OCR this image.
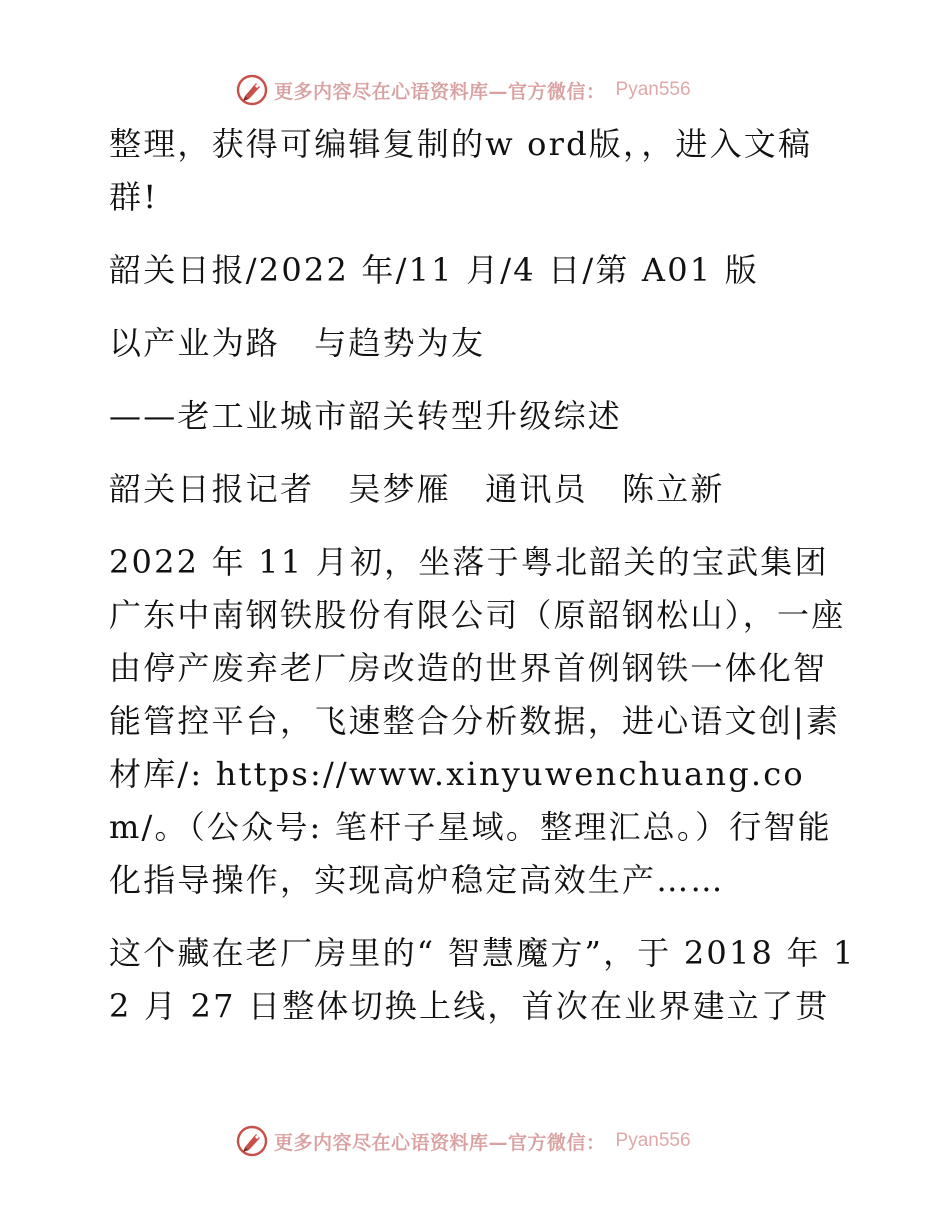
更多内容尽在心语资料库—官方微信： Pyan556

整理，获得可编辑复制的w ord版，，进入文稿群!

韶关日报/2022 年/11 月/4 日/第 A01 版

以产业为路　与趋势为友

——老工业城市韶关转型升级综述

韶关日报记者　吴梦雁　通讯员　陈立新

2022 年 11 月初，坐落于粤北韶关的宝武集团广东中南钢铁股份有限公司（原韶钢松山），一座由停产废弃老厂房改造的世界首例钢铁一体化智能管控平台，飞速整合分析数据，进心语文创|素材库/: https://www.xinyuwenchuang.com/。（公众号: 笔杆子星域。整理汇总。）行智能化指导操作，实现高炉稳定高效生产……

这个藏在老厂房里的“ 智慧魔方”，于 2018 年 12 月 27 日整体切换上线，首次在业界建立了贯

更多内容尽在心语资料库—官方微信： Pyan556
